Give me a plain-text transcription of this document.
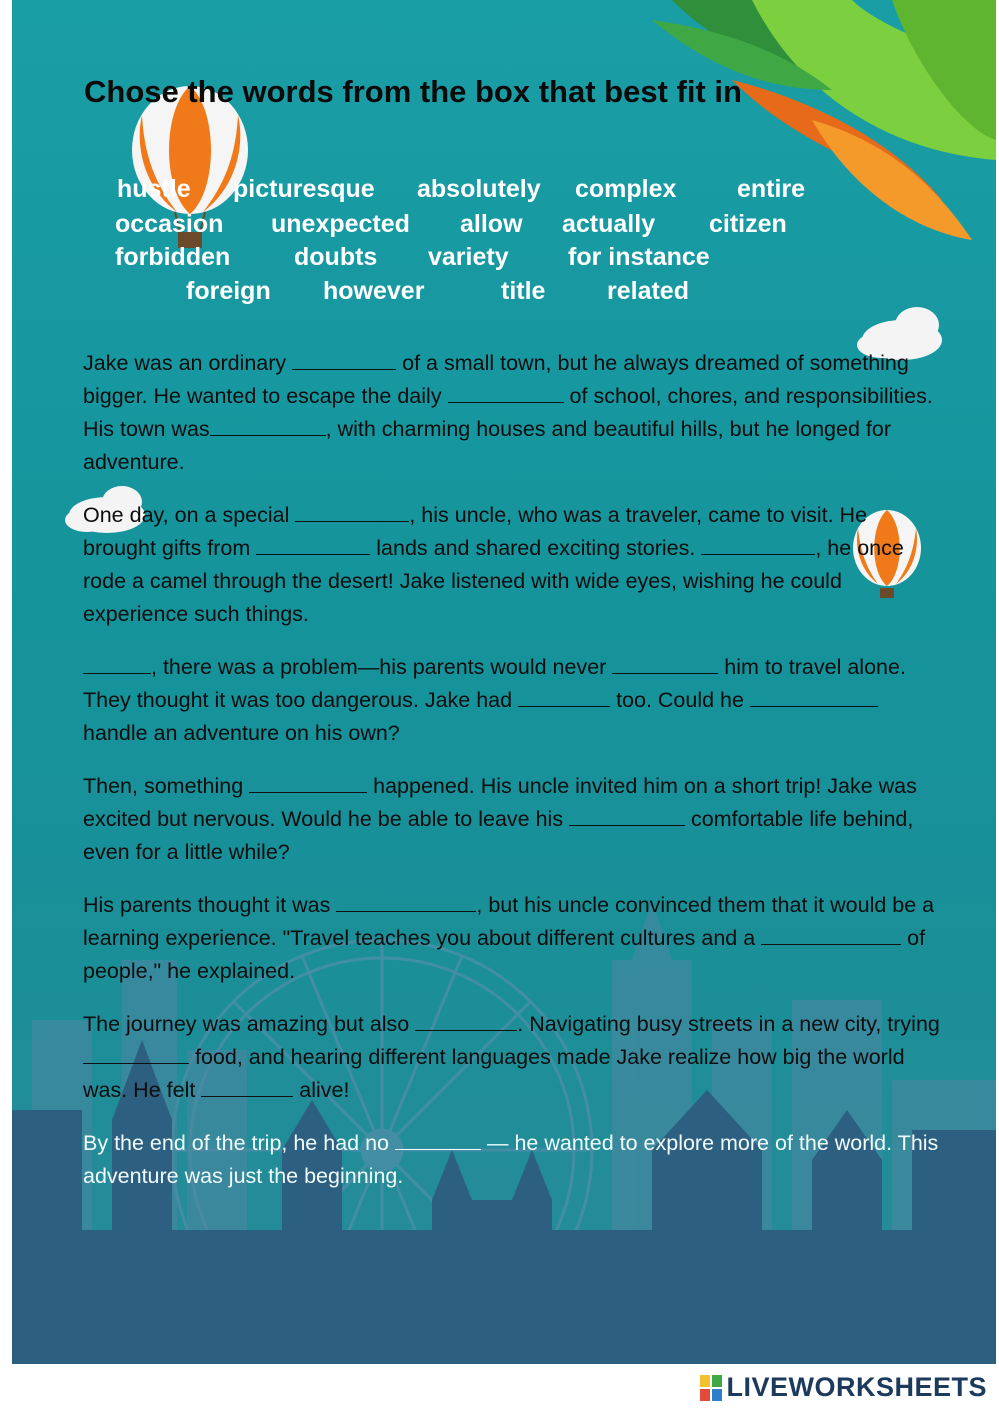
Chose the words from the box that best fit in
hustle picturesque absolutely complex entire
occasion unexpected allow actually citizen
forbidden	doubts variety for instance
foreign however	title related

Jake was an ordinary	of a small town, but he always dreamed of something bigger. He wanted to escape the daily	of school, chores, and responsibilities. His town was	, with charming houses and beautiful hills, but he longed for adventure.

One day, on a special	, his uncle, who was a traveler, came to visit. He brought gifts from	lands and shared exciting stories.	, he once rode a camel through the desert! Jake listened with wide eyes, wishing he could experience such things.

, there was a problem—his parents would never	him to travel alone. They thought it was too dangerous. Jake had	too. Could he  handle an adventure on his own?

Then, something	happened. His uncle invited him on a short trip! Jake was excited but nervous. Would he be able to leave his	comfortable life behind, even for a little while?

His parents thought it was	, but his uncle convinced them that it would be a learning experience. "Travel teaches you about different cultures and a	of people," he explained.

The journey was amazing but also	. Navigating busy streets in a new city, trying  food, and hearing different languages made Jake realize how big the world was. He felt	alive!

By the end of the trip, he had no	— he wanted to explore more of the world. This adventure was just the beginning.

LIVEWORKSHEETS
